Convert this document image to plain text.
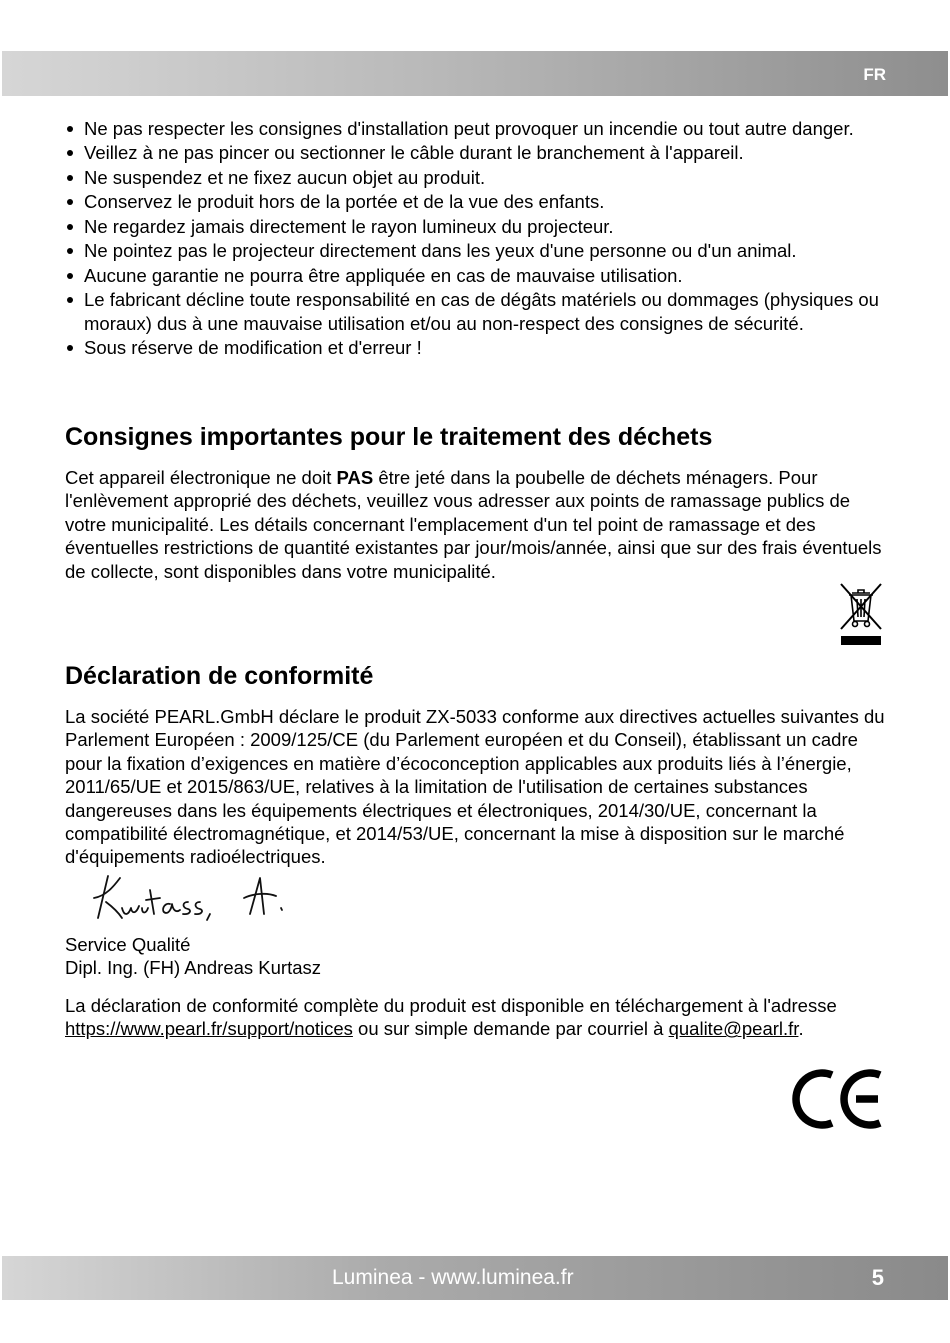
FR
Ne pas respecter les consignes d'installation peut provoquer un incendie ou tout autre danger.
Veillez à ne pas pincer ou sectionner le câble durant le branchement à l'appareil.
Ne suspendez et ne fixez aucun objet au produit.
Conservez le produit hors de la portée et de la vue des enfants.
Ne regardez jamais directement le rayon lumineux du projecteur.
Ne pointez pas le projecteur directement dans les yeux d'une personne ou d'un animal.
Aucune garantie ne pourra être appliquée en cas de mauvaise utilisation.
Le fabricant décline toute responsabilité en cas de dégâts matériels ou dommages (physiques ou moraux) dus à une mauvaise utilisation et/ou au non-respect des consignes de sécurité.
Sous réserve de modification et d'erreur !
Consignes importantes pour le traitement des déchets

Cet appareil électronique ne doit PAS être jeté dans la poubelle de déchets ménagers. Pour l'enlèvement approprié des déchets, veuillez vous adresser aux points de ramassage publics de votre municipalité. Les détails concernant l'emplacement d'un tel point de ramassage et des éventuelles restrictions de quantité existantes par jour/mois/année, ainsi que sur des frais éventuels de collecte, sont disponibles dans votre municipalité.

Déclaration de conformité

La société PEARL.GmbH déclare le produit ZX-5033 conforme aux directives actuelles suivantes du Parlement Européen : 2009/125/CE (du Parlement européen et du Conseil), établissant un cadre pour la fixation d’exigences en matière d’écoconception applicables aux produits liés à l’énergie, 2011/65/UE et 2015/863/UE, relatives à la limitation de l'utilisation de certaines substances dangereuses dans les équipements électriques et électroniques, 2014/30/UE, concernant la compatibilité électromagnétique, et 2014/53/UE, concernant la mise à disposition sur le marché d'équipements radioélectriques.

Service Qualité
Dipl. Ing. (FH) Andreas Kurtasz

La déclaration de conformité complète du produit est disponible en téléchargement à l'adresse https://www.pearl.fr/support/notices ou sur simple demande par courriel à qualite@pearl.fr.

Luminea - www.luminea.fr	5
